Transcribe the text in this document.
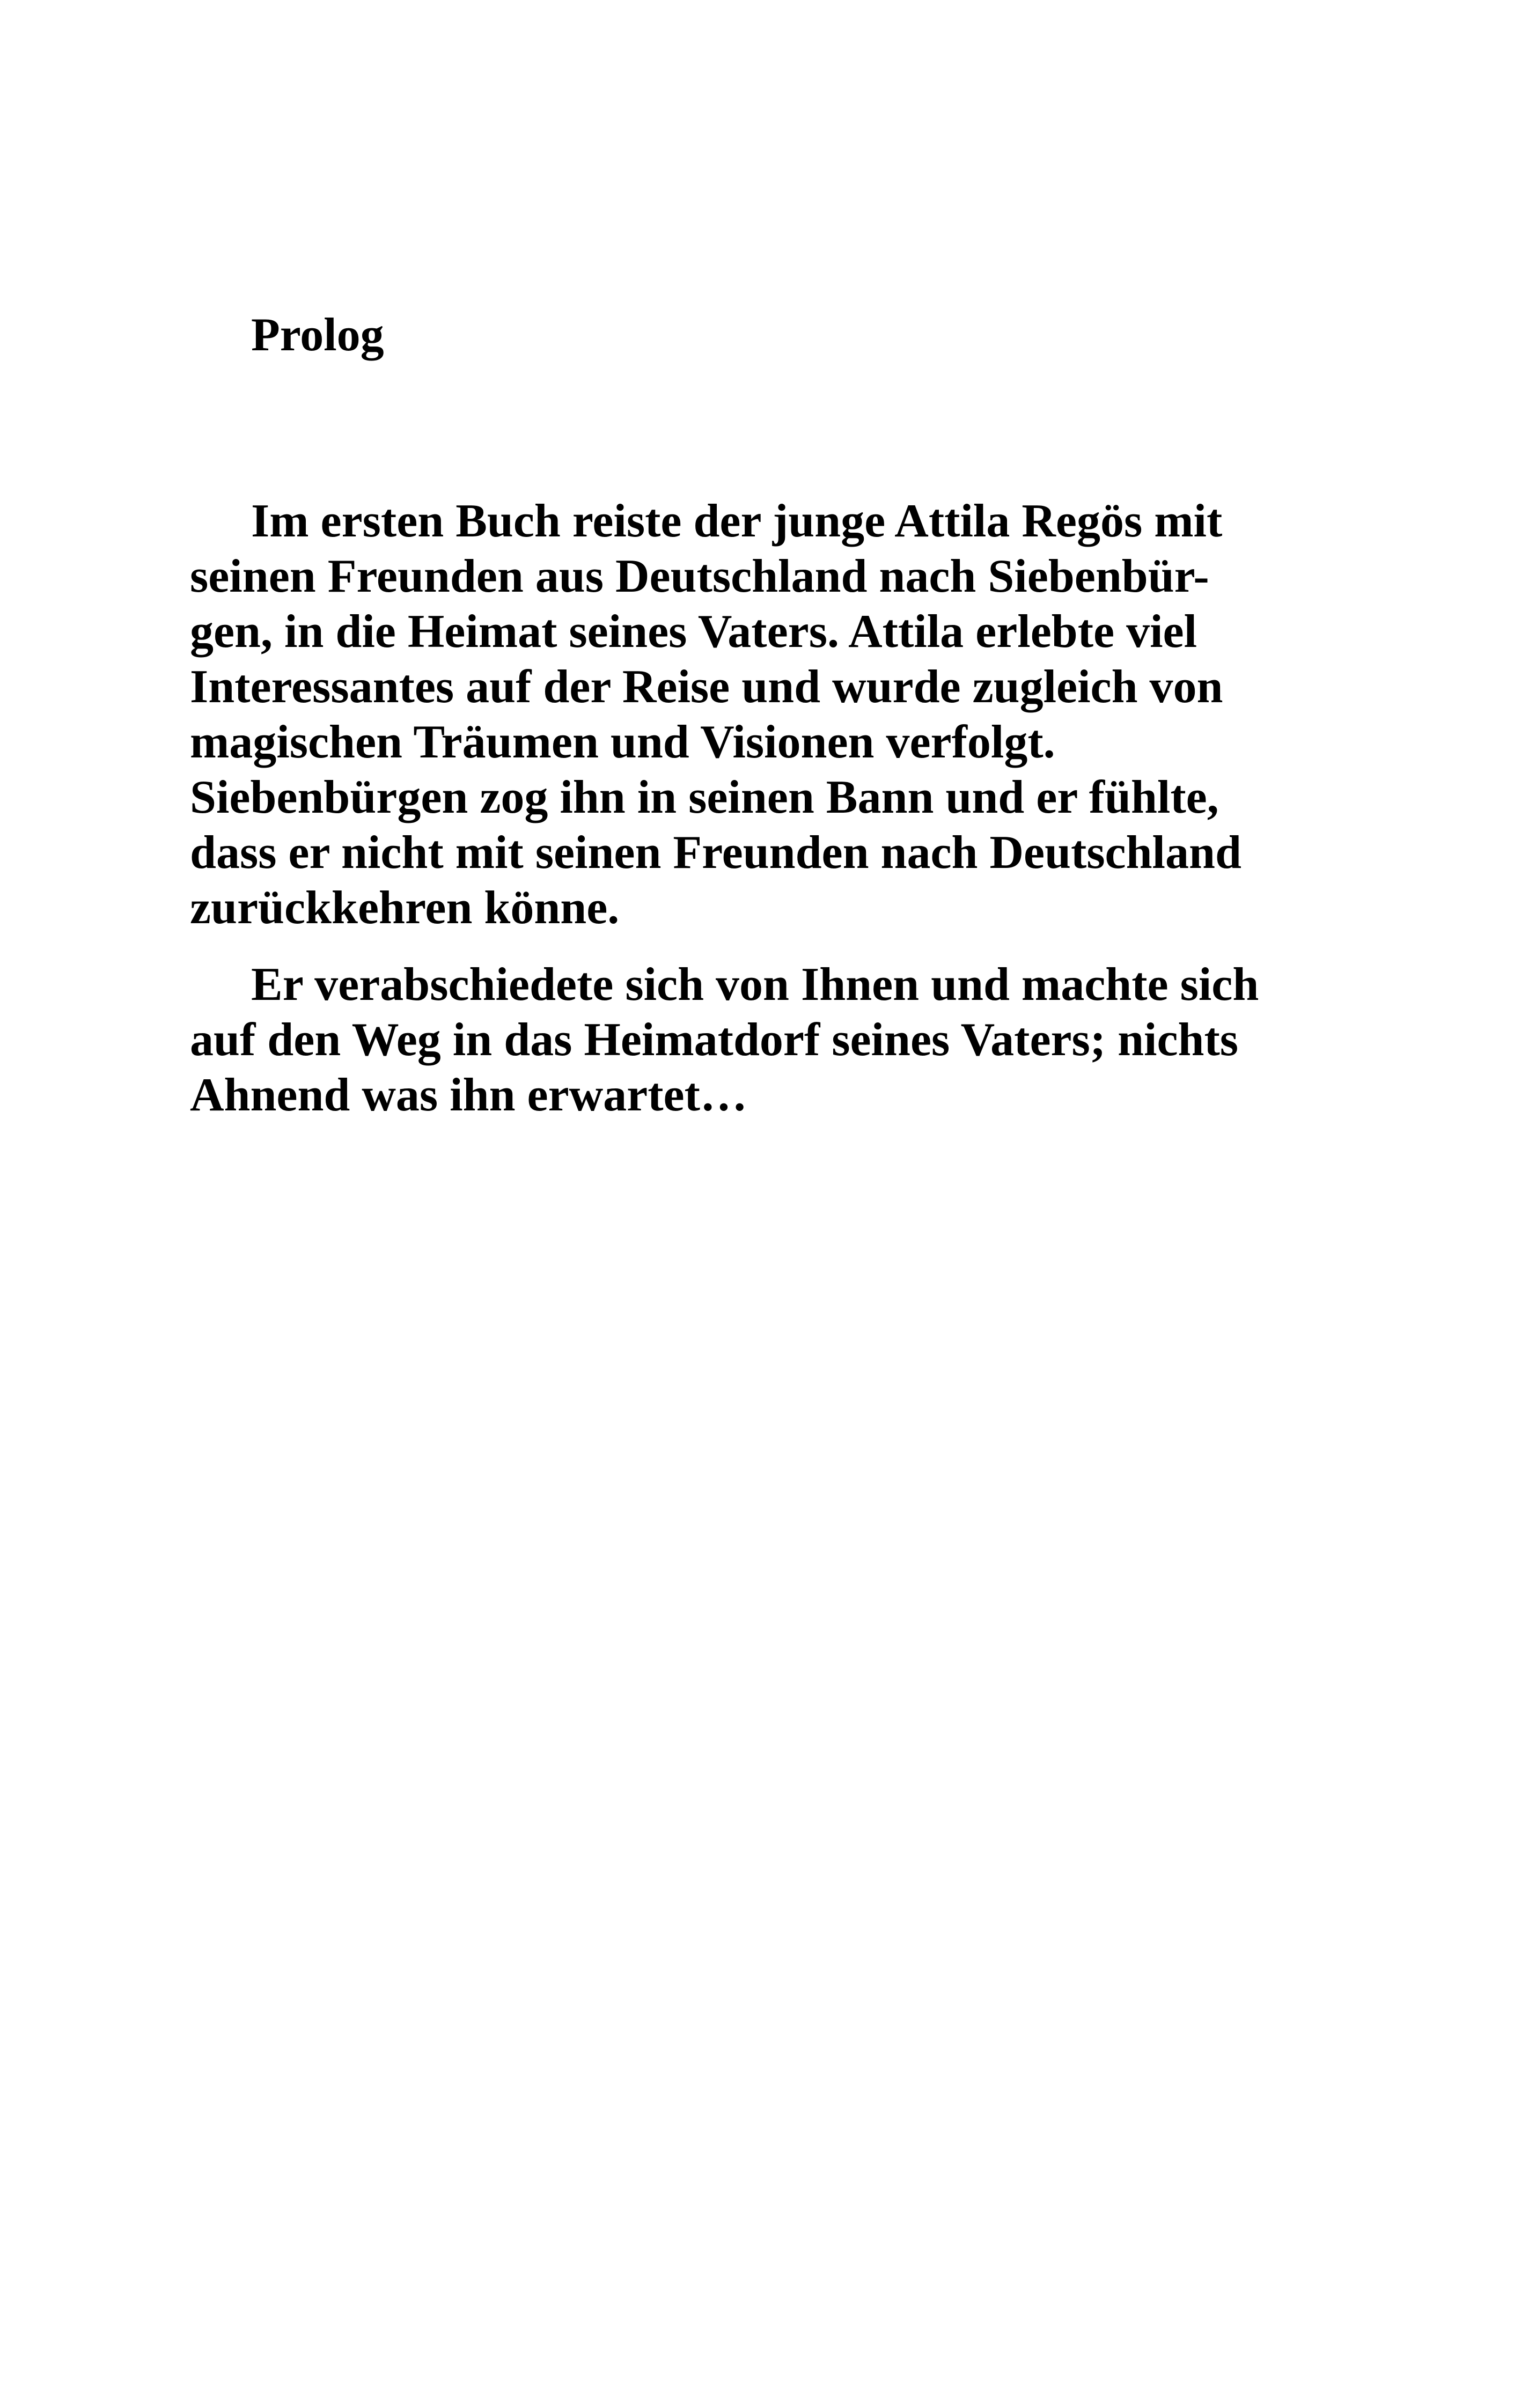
Prolog

Im ersten Buch reiste der junge Attila Regös mit
seinen Freunden aus Deutschland nach Siebenbür-
gen, in die Heimat seines Vaters. Attila erlebte viel
Interessantes auf der Reise und wurde zugleich von
magischen Träumen und Visionen verfolgt.
Siebenbürgen zog ihn in seinen Bann und er fühlte,
dass er nicht mit seinen Freunden nach Deutschland
zurückkehren könne.

Er verabschiedete sich von Ihnen und machte sich
auf den Weg in das Heimatdorf seines Vaters; nichts
Ahnend was ihn erwartet…
